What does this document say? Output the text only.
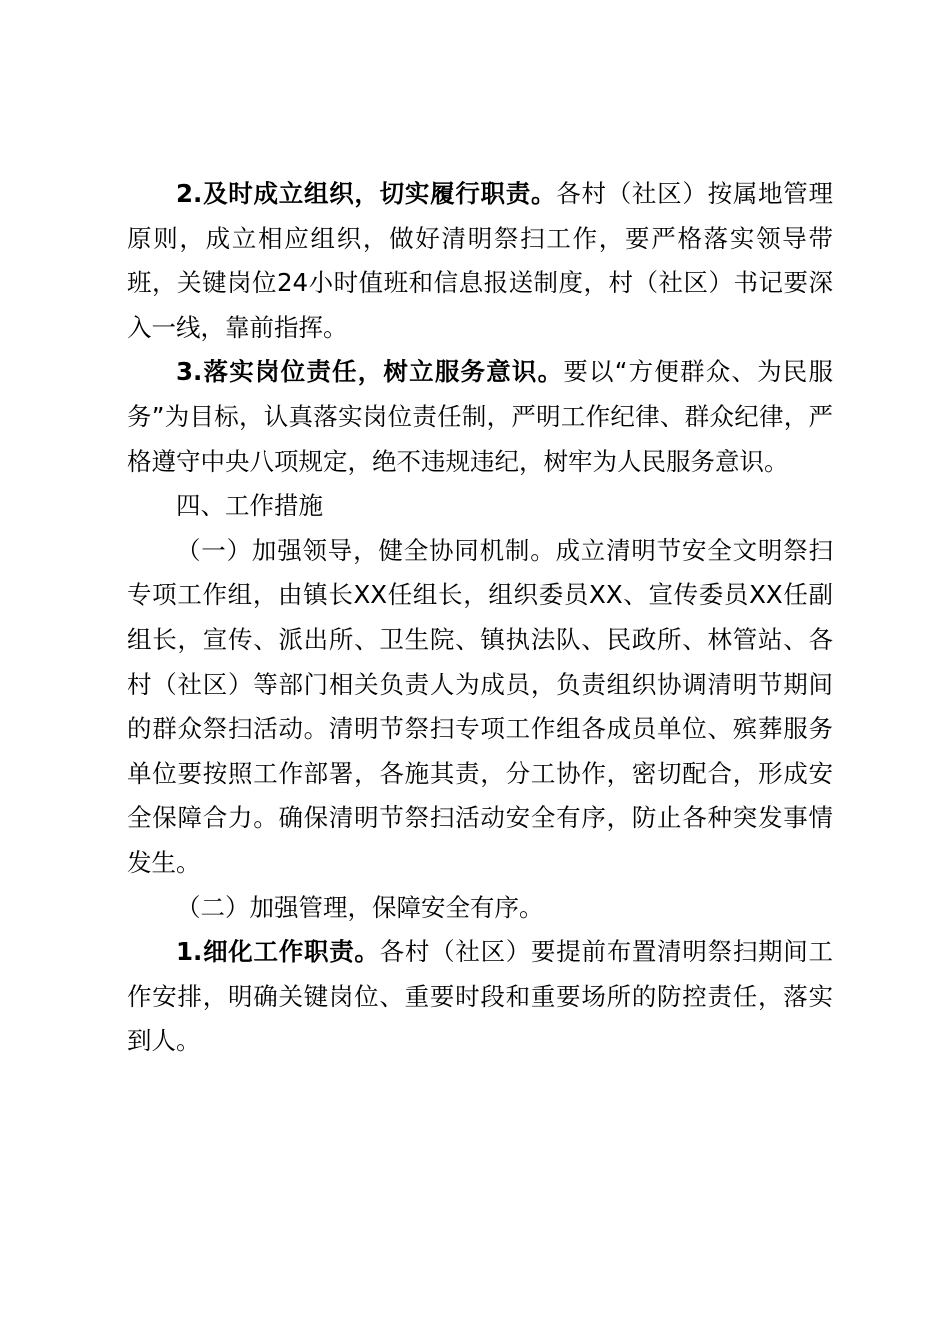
2.及时成立组织，切实履行职责。各村（社区）按属地管理原则，成立相应组织，做好清明祭扫工作，要严格落实领导带班，关键岗位24小时值班和信息报送制度，村（社区）书记要深入一线，靠前指挥。

3.落实岗位责任，树立服务意识。要以“方便群众、为民服务”为目标，认真落实岗位责任制，严明工作纪律、群众纪律，严格遵守中央八项规定，绝不违规违纪，树牢为人民服务意识。

四、工作措施

（一）加强领导，健全协同机制。成立清明节安全文明祭扫专项工作组，由镇长XX任组长，组织委员XX、宣传委员XX任副组长，宣传、派出所、卫生院、镇执法队、民政所、林管站、各村（社区）等部门相关负责人为成员，负责组织协调清明节期间的群众祭扫活动。清明节祭扫专项工作组各成员单位、殡葬服务单位要按照工作部署，各施其责，分工协作，密切配合，形成安全保障合力。确保清明节祭扫活动安全有序，防止各种突发事情发生。

（二）加强管理，保障安全有序。

1.细化工作职责。各村（社区）要提前布置清明祭扫期间工作安排，明确关键岗位、重要时段和重要场所的防控责任，落实到人。
